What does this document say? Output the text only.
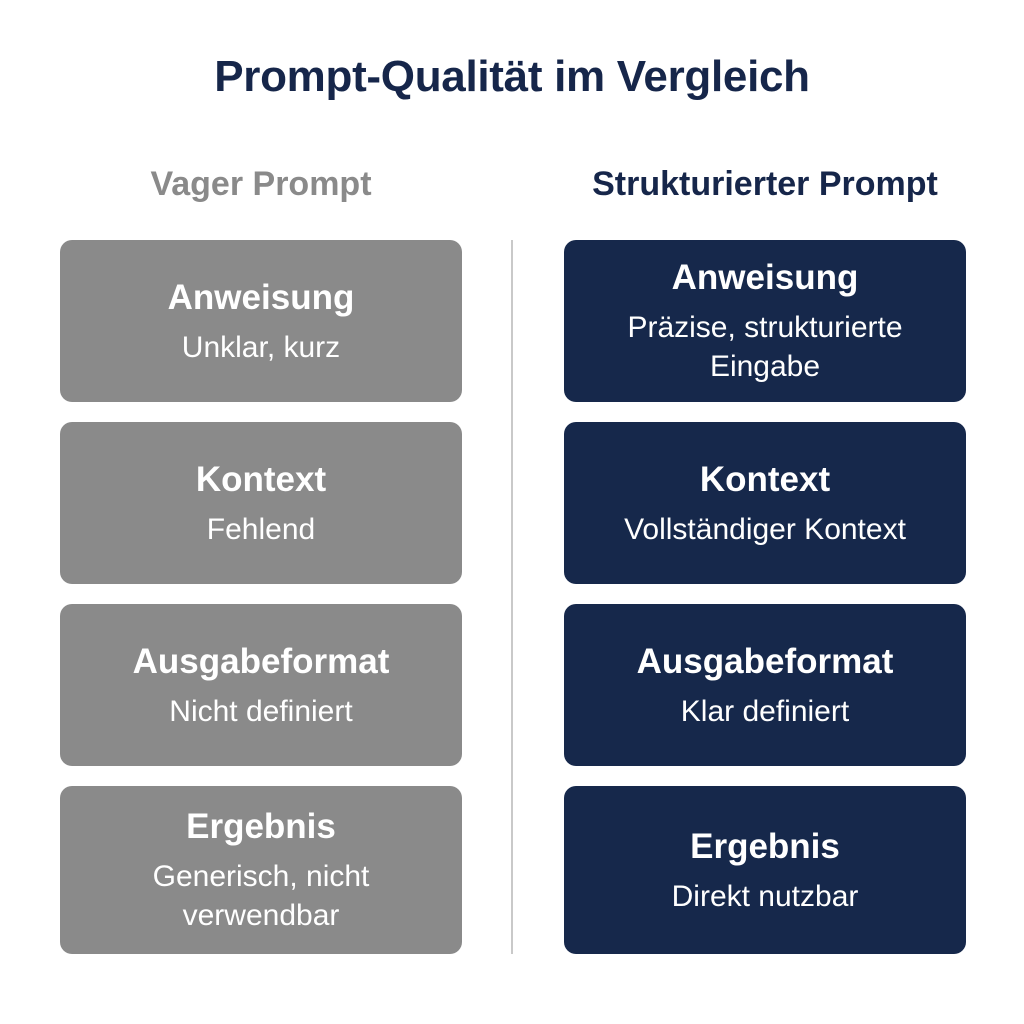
Prompt-Qualität im Vergleich
Vager Prompt	Strukturierter Prompt
Anweisung
Unklar, kurz
Kontext
Fehlend
Ausgabeformat
Nicht definiert
Ergebnis
Generisch, nicht verwendbar
Anweisung
Präzise, strukturierte Eingabe
Kontext
Vollständiger Kontext
Ausgabeformat
Klar definiert
Ergebnis
Direkt nutzbar
